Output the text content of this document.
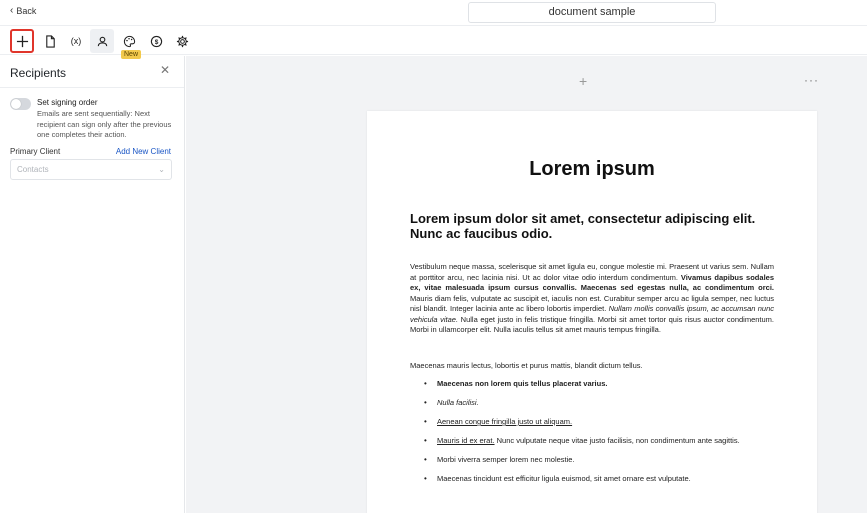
‹ Back	document sample
(x)
New
$
Recipients	✕
Set signing order
Emails are sent sequentially: Next recipient can sign only after the previous one completes their action.
Primary Client	Add New Client
Contacts	⌄
+	···
Lorem ipsum
Lorem ipsum dolor sit amet, consectetur adipiscing elit. Nunc ac faucibus odio.
Vestibulum neque massa, scelerisque sit amet ligula eu, congue molestie mi. Praesent ut varius sem. Nullam at porttitor arcu, nec lacinia nisi. Ut ac dolor vitae odio interdum condimentum. Vivamus dapibus sodales ex, vitae malesuada ipsum cursus convallis. Maecenas sed egestas nulla, ac condimentum orci. Mauris diam felis, vulputate ac suscipit et, iaculis non est. Curabitur semper arcu ac ligula semper, nec luctus nisl blandit. Integer lacinia ante ac libero lobortis imperdiet. Nullam mollis convallis ipsum, ac accumsan nunc vehicula vitae. Nulla eget justo in felis tristique fringilla. Morbi sit amet tortor quis risus auctor condimentum. Morbi in ullamcorper elit. Nulla iaculis tellus sit amet mauris tempus fringilla.
Maecenas mauris lectus, lobortis et purus mattis, blandit dictum tellus.
• Maecenas non lorem quis tellus placerat varius.
• Nulla facilisi.
• Aenean congue fringilla justo ut aliquam.
• Mauris id ex erat. Nunc vulputate neque vitae justo facilisis, non condimentum ante sagittis.
• Morbi viverra semper lorem nec molestie.
• Maecenas tincidunt est efficitur ligula euismod, sit amet ornare est vulputate.
